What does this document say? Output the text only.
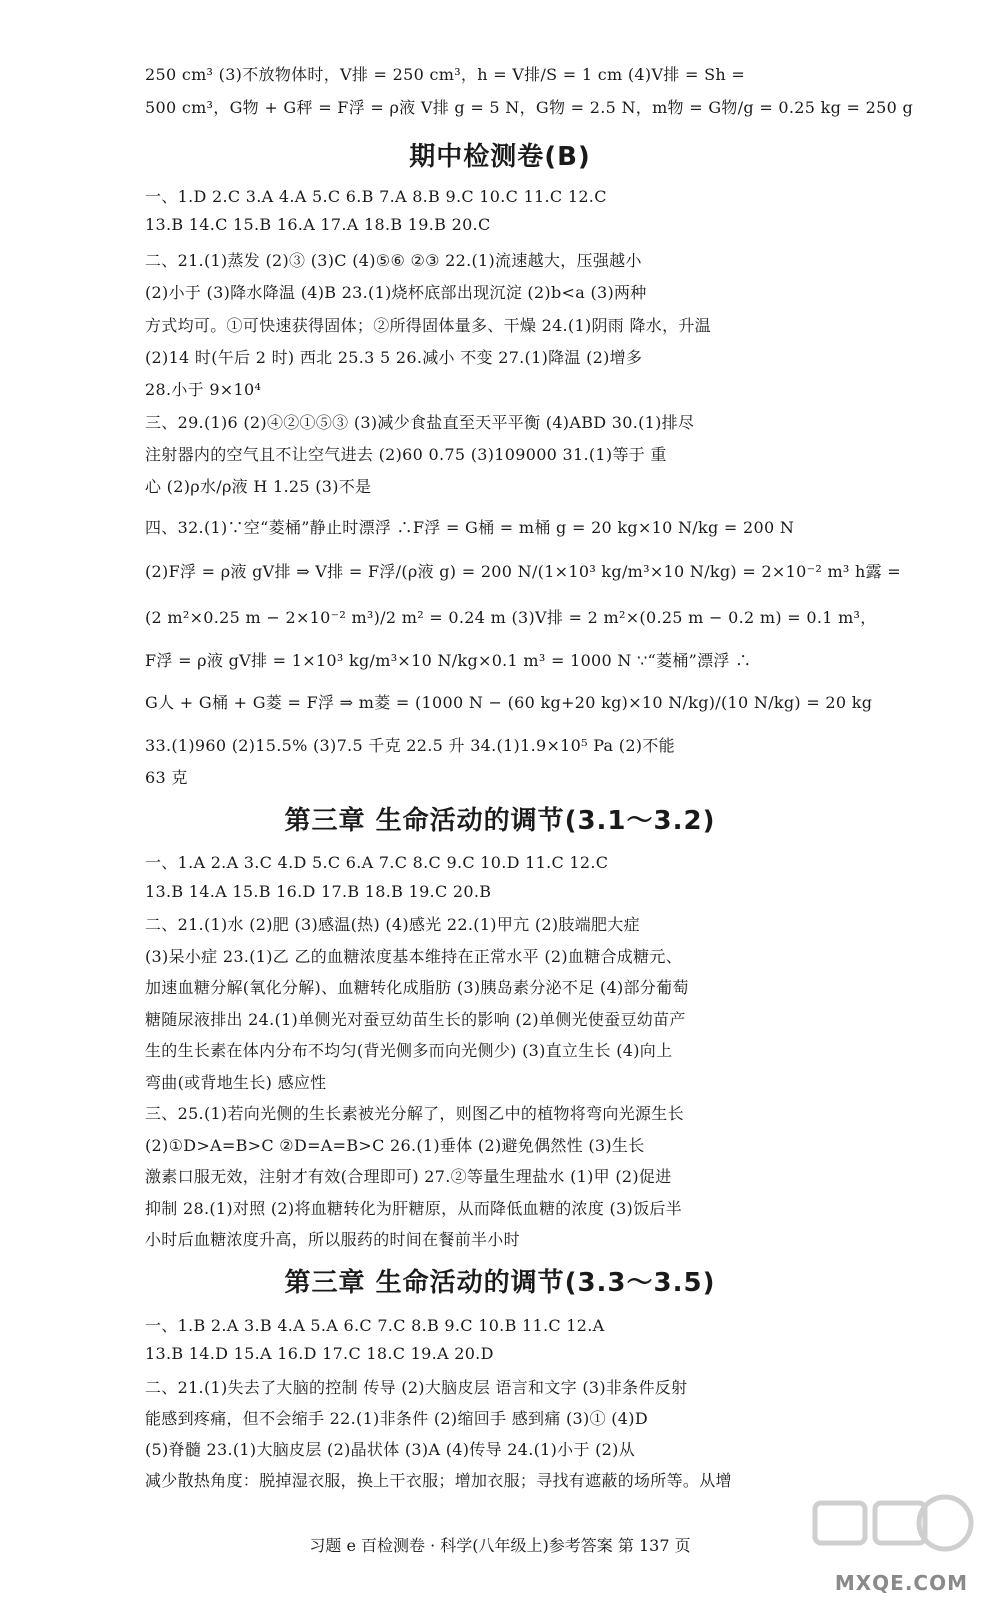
250 cm³ (3)不放物体时，V排 = 250 cm³，h = V排/S = 1 cm (4)V排 = Sh =
500 cm³，G物 + G秤 = F浮 = ρ液 V排 g = 5 N，G物 = 2.5 N，m物 = G物/g = 0.25 kg = 250 g
期中检测卷(B)
一、1.D 2.C 3.A 4.A 5.C 6.B 7.A 8.B 9.C 10.C 11.C 12.C
13.B 14.C 15.B 16.A 17.A 18.B 19.B 20.C
二、21.(1)蒸发 (2)③ (3)C (4)⑤⑥ ②③ 22.(1)流速越大，压强越小
(2)小于 (3)降水降温 (4)B 23.(1)烧杯底部出现沉淀 (2)b<a (3)两种
方式均可。①可快速获得固体；②所得固体量多、干燥 24.(1)阴雨 降水，升温
(2)14 时(午后 2 时) 西北 25.3 5 26.减小 不变 27.(1)降温 (2)增多
28.小于 9×10⁴
三、29.(1)6 (2)④②①⑤③ (3)减少食盐直至天平平衡 (4)ABD 30.(1)排尽
注射器内的空气且不让空气进去 (2)60 0.75 (3)109000 31.(1)等于 重
心 (2)ρ水/ρ液 H 1.25 (3)不是
四、32.(1)∵空“菱桶”静止时漂浮 ∴F浮 = G桶 = m桶 g = 20 kg×10 N/kg = 200 N
(2)F浮 = ρ液 gV排 ⇒ V排 = F浮/(ρ液 g) = 200 N/(1×10³ kg/m³×10 N/kg) = 2×10⁻² m³ h露 =
(2 m²×0.25 m − 2×10⁻² m³)/2 m² = 0.24 m (3)V排 = 2 m²×(0.25 m − 0.2 m) = 0.1 m³，
F浮 = ρ液 gV排 = 1×10³ kg/m³×10 N/kg×0.1 m³ = 1000 N ∵“菱桶”漂浮 ∴
G人 + G桶 + G菱 = F浮 ⇒ m菱 = (1000 N − (60 kg+20 kg)×10 N/kg)/(10 N/kg) = 20 kg
33.(1)960 (2)15.5% (3)7.5 千克 22.5 升 34.(1)1.9×10⁵ Pa (2)不能
63 克
第三章 生命活动的调节(3.1～3.2)
一、1.A 2.A 3.C 4.D 5.C 6.A 7.C 8.C 9.C 10.D 11.C 12.C
13.B 14.A 15.B 16.D 17.B 18.B 19.C 20.B
二、21.(1)水 (2)肥 (3)感温(热) (4)感光 22.(1)甲亢 (2)肢端肥大症
(3)呆小症 23.(1)乙 乙的血糖浓度基本维持在正常水平 (2)血糖合成糖元、
加速血糖分解(氧化分解)、血糖转化成脂肪 (3)胰岛素分泌不足 (4)部分葡萄
糖随尿液排出 24.(1)单侧光对蚕豆幼苗生长的影响 (2)单侧光使蚕豆幼苗产
生的生长素在体内分布不均匀(背光侧多而向光侧少) (3)直立生长 (4)向上
弯曲(或背地生长) 感应性
三、25.(1)若向光侧的生长素被光分解了，则图乙中的植物将弯向光源生长
(2)①D>A=B>C ②D=A=B>C 26.(1)垂体 (2)避免偶然性 (3)生长
激素口服无效，注射才有效(合理即可) 27.②等量生理盐水 (1)甲 (2)促进
抑制 28.(1)对照 (2)将血糖转化为肝糖原，从而降低血糖的浓度 (3)饭后半
小时后血糖浓度升高，所以服药的时间在餐前半小时
第三章 生命活动的调节(3.3～3.5)
一、1.B 2.A 3.B 4.A 5.A 6.C 7.C 8.B 9.C 10.B 11.C 12.A
13.B 14.D 15.A 16.D 17.C 18.C 19.A 20.D
二、21.(1)失去了大脑的控制 传导 (2)大脑皮层 语言和文字 (3)非条件反射
能感到疼痛，但不会缩手 22.(1)非条件 (2)缩回手 感到痛 (3)① (4)D
(5)脊髓 23.(1)大脑皮层 (2)晶状体 (3)A (4)传导 24.(1)小于 (2)从
减少散热角度：脱掉湿衣服，换上干衣服；增加衣服；寻找有遮蔽的场所等。从增
习题 e 百检测卷 · 科学(八年级上)参考答案 第 137 页
MXQE.COM
